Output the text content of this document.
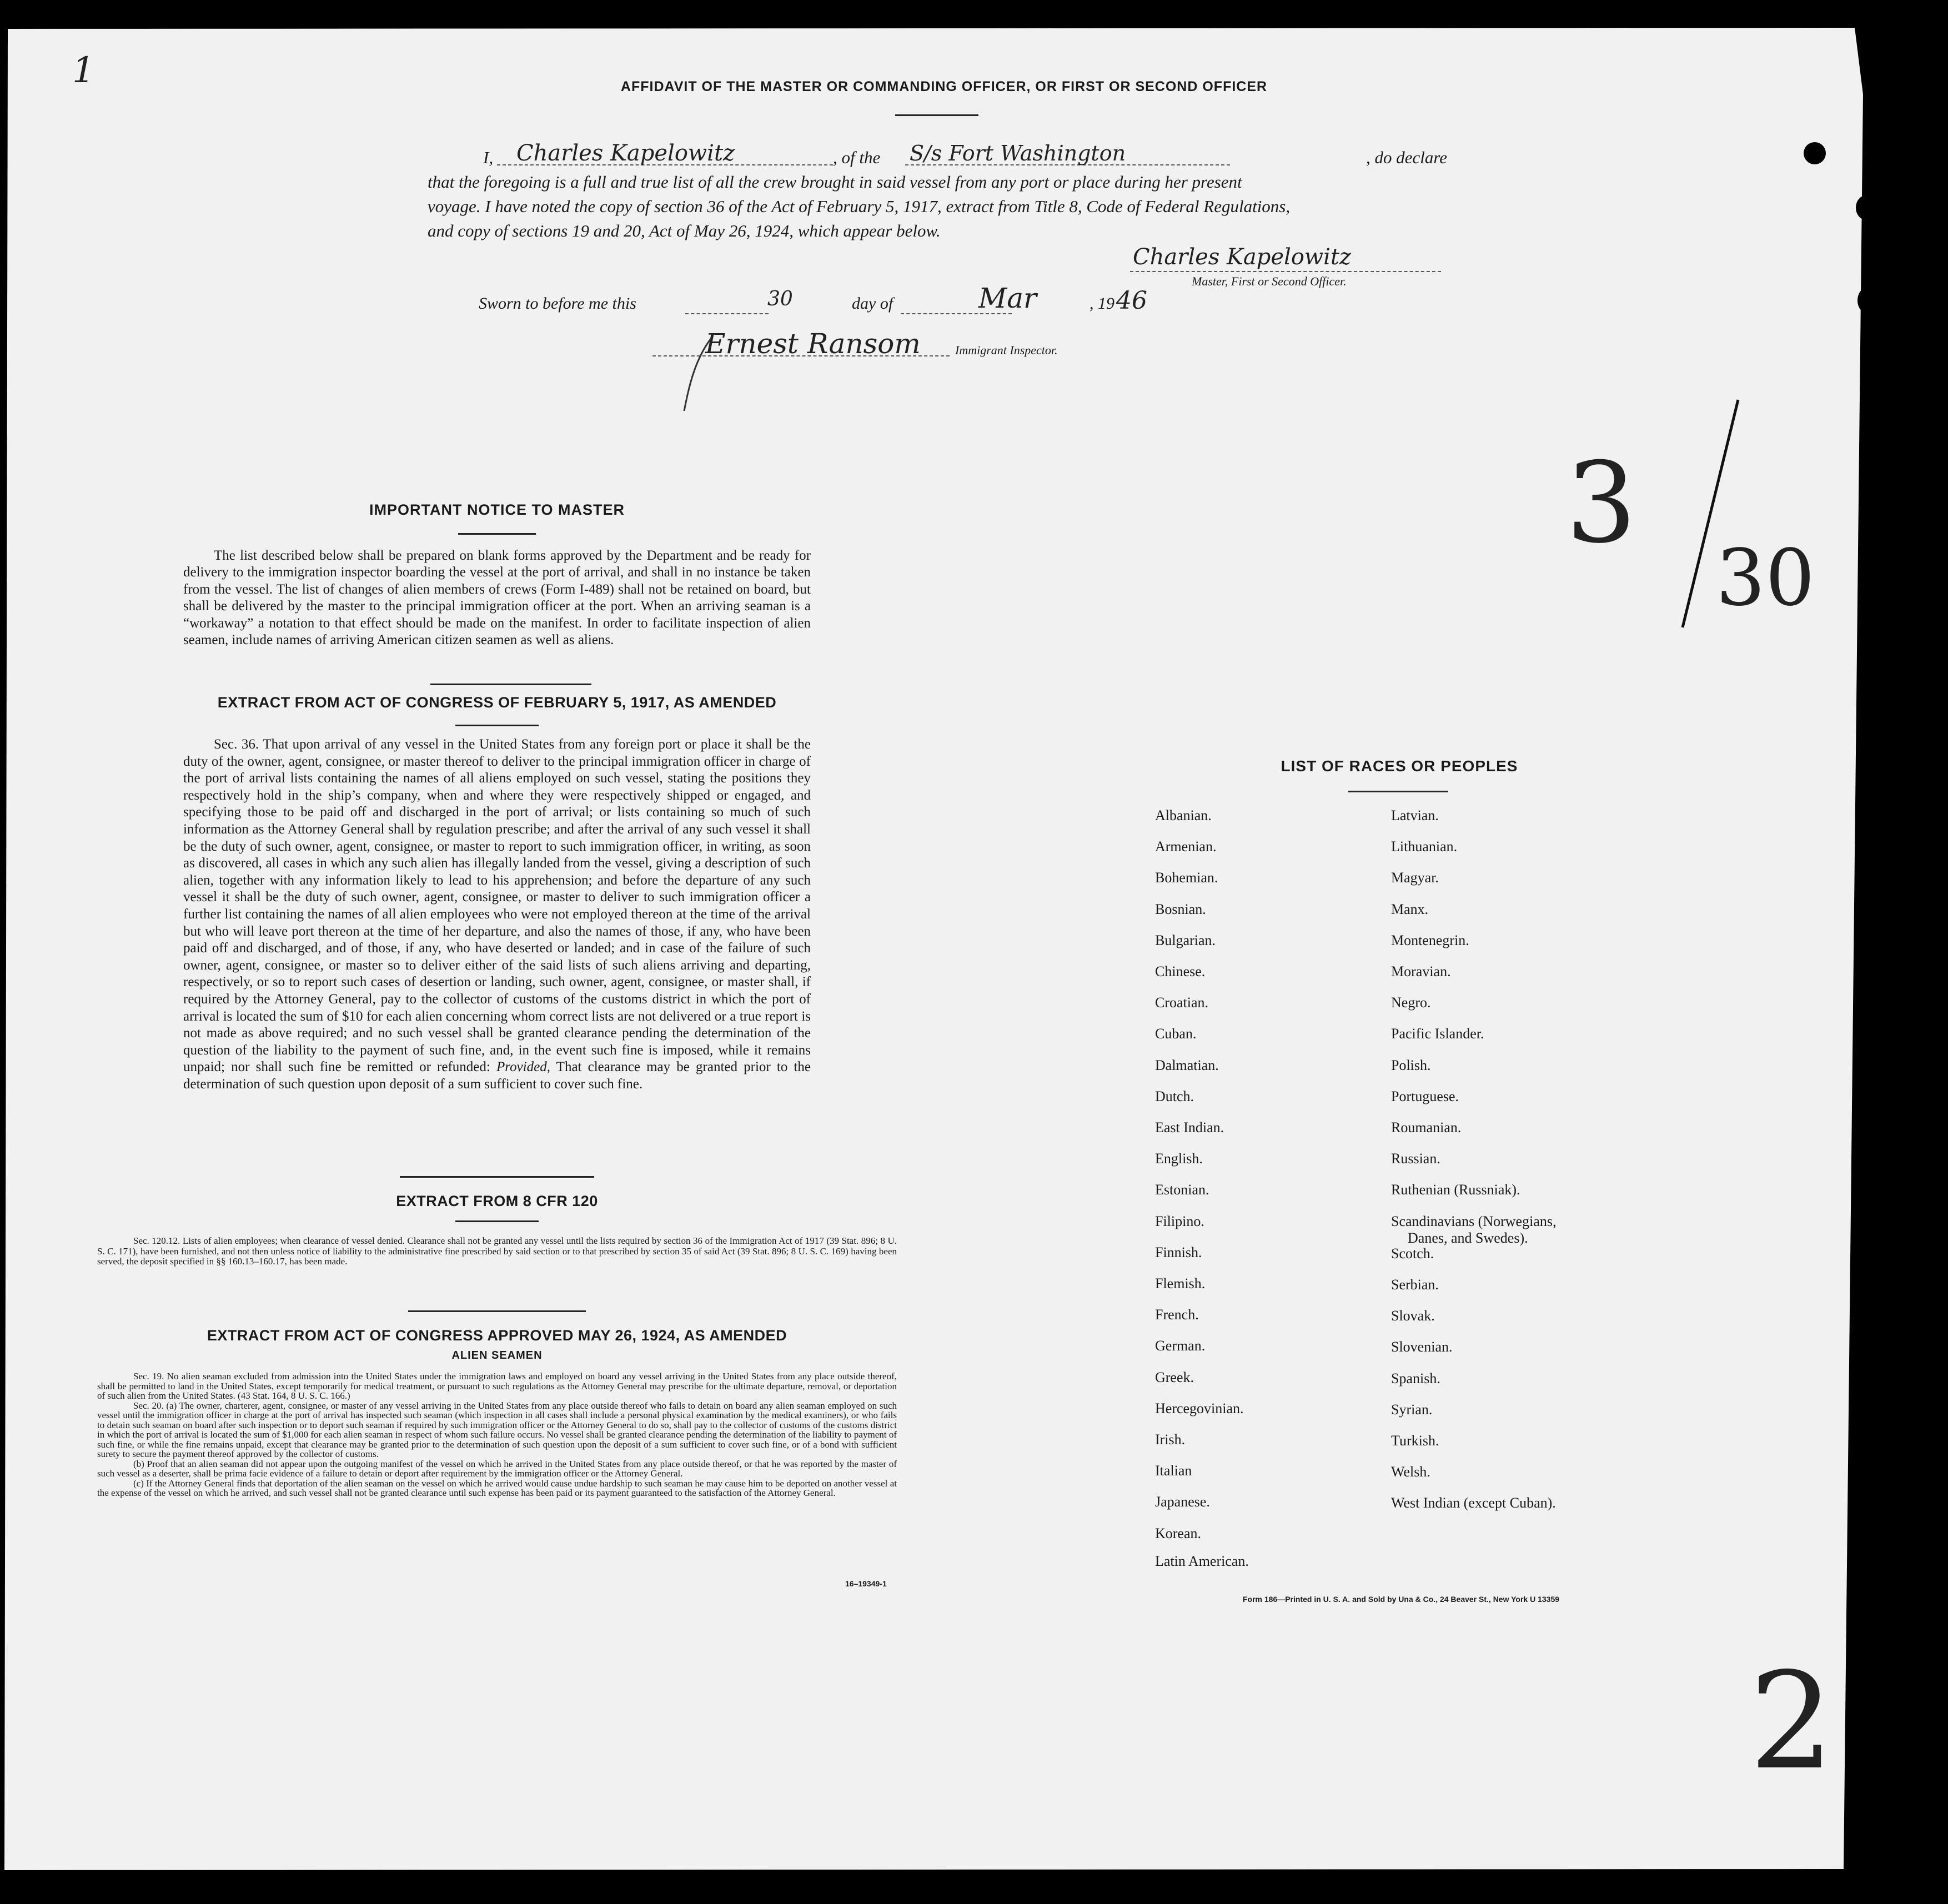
1	AFFIDAVIT OF THE MASTER OR COMMANDING OFFICER, OR FIRST OR SECOND OFFICER
I, Charles Kapelowitz	, of the S/s Fort Washington	, do declare
that the foregoing is a full and true list of all the crew brought in said vessel from any port or place during her present
voyage. I have noted the copy of section 36 of the Act of February 5, 1917, extract from Title 8, Code of Federal Regulations,
and copy of sections 19 and 20, Act of May 26, 1924, which appear below.
Charles Kapelowitz
Master, First or Second Officer.
Sworn to before me this	30	day of	Mar	, 19 46
Ernest Ransom	Immigrant Inspector.
3
30
2
IMPORTANT NOTICE TO MASTER

The list described below shall be prepared on blank forms approved by the Department and be ready for delivery to the immigration inspector boarding the vessel at the port of arrival, and shall in no instance be taken from the vessel. The list of changes of alien members of crews (Form I-489) shall not be retained on board, but shall be delivered by the master to the principal immigration officer at the port. When an arriving seaman is a “workaway” a notation to that effect should be made on the manifest. In order to facilitate inspection of alien seamen, include names of arriving American citizen seamen as well as aliens.

EXTRACT FROM ACT OF CONGRESS OF FEBRUARY 5, 1917, AS AMENDED

Sec. 36. That upon arrival of any vessel in the United States from any foreign port or place it shall be the duty of the owner, agent, consignee, or master thereof to deliver to the principal immigration officer in charge of the port of arrival lists containing the names of all aliens employed on such vessel, stating the positions they respectively hold in the ship’s company, when and where they were respectively shipped or engaged, and specifying those to be paid off and discharged in the port of arrival; or lists containing so much of such information as the Attorney General shall by regulation prescribe; and after the arrival of any such vessel it shall be the duty of such owner, agent, consignee, or master to report to such immigration officer, in writing, as soon as discovered, all cases in which any such alien has illegally landed from the vessel, giving a description of such alien, together with any information likely to lead to his apprehension; and before the departure of any such vessel it shall be the duty of such owner, agent, consignee, or master to deliver to such immigration officer a further list containing the names of all alien employees who were not employed thereon at the time of the arrival but who will leave port thereon at the time of her departure, and also the names of those, if any, who have been paid off and discharged, and of those, if any, who have deserted or landed; and in case of the failure of such owner, agent, consignee, or master so to deliver either of the said lists of such aliens arriving and departing, respectively, or so to report such cases of desertion or landing, such owner, agent, consignee, or master shall, if required by the Attorney General, pay to the collector of customs of the customs district in which the port of arrival is located the sum of $10 for each alien concerning whom correct lists are not delivered or a true report is not made as above required; and no such vessel shall be granted clearance pending the determination of the question of the liability to the payment of such fine, and, in the event such fine is imposed, while it remains unpaid; nor shall such fine be remitted or refunded: Provided, That clearance may be granted prior to the determination of such question upon deposit of a sum sufficient to cover such fine.

EXTRACT FROM 8 CFR 120

Sec. 120.12. Lists of alien employees; when clearance of vessel denied. Clearance shall not be granted any vessel until the lists required by section 36 of the Immigration Act of 1917 (39 Stat. 896; 8 U. S. C. 171), have been furnished, and not then unless notice of liability to the administrative fine prescribed by said section or to that prescribed by section 35 of said Act (39 Stat. 896; 8 U. S. C. 169) having been served, the deposit specified in §§ 160.13–160.17, has been made.

EXTRACT FROM ACT OF CONGRESS APPROVED MAY 26, 1924, AS AMENDED
ALIEN SEAMEN

Sec. 19. No alien seaman excluded from admission into the United States under the immigration laws and employed on board any vessel arriving in the United States from any place outside thereof, shall be permitted to land in the United States, except temporarily for medical treatment, or pursuant to such regulations as the Attorney General may prescribe for the ultimate departure, removal, or deportation of such alien from the United States. (43 Stat. 164, 8 U. S. C. 166.)

Sec. 20. (a) The owner, charterer, agent, consignee, or master of any vessel arriving in the United States from any place outside thereof who fails to detain on board any alien seaman employed on such vessel until the immigration officer in charge at the port of arrival has inspected such seaman (which inspection in all cases shall include a personal physical examination by the medical examiners), or who fails to detain such seaman on board after such inspection or to deport such seaman if required by such immigration officer or the Attorney General to do so, shall pay to the collector of customs of the customs district in which the port of arrival is located the sum of $1,000 for each alien seaman in respect of whom such failure occurs. No vessel shall be granted clearance pending the determination of the liability to payment of such fine, or while the fine remains unpaid, except that clearance may be granted prior to the determination of such question upon the deposit of a sum sufficient to cover such fine, or of a bond with sufficient surety to secure the payment thereof approved by the collector of customs.

(b) Proof that an alien seaman did not appear upon the outgoing manifest of the vessel on which he arrived in the United States from any place outside thereof, or that he was reported by the master of such vessel as a deserter, shall be prima facie evidence of a failure to detain or deport after requirement by the immigration officer or the Attorney General.

(c) If the Attorney General finds that deportation of the alien seaman on the vessel on which he arrived would cause undue hardship to such seaman he may cause him to be deported on another vessel at the expense of the vessel on which he arrived, and such vessel shall not be granted clearance until such expense has been paid or its payment guaranteed to the satisfaction of the Attorney General.

16–19349-1
LIST OF RACES OR PEOPLES
Albanian.
Armenian.
Bohemian.
Bosnian.
Bulgarian.
Chinese.
Croatian.
Cuban.
Dalmatian.
Dutch.
East Indian.
English.
Estonian.
Filipino.
Finnish.
Flemish.
French.
German.
Greek.
Hercegovinian.
Irish.
Italian
Japanese.
Korean.
Latin American.
Latvian.
Lithuanian.
Magyar.
Manx.
Montenegrin.
Moravian.
Negro.
Pacific Islander.
Polish.
Portuguese.
Roumanian.
Russian.
Ruthenian (Russniak).
Scandinavians (Norwegians,
Danes, and Swedes).
Scotch.
Serbian.
Slovak.
Slovenian.
Spanish.
Syrian.
Turkish.
Welsh.
West Indian (except Cuban).
Form 186—Printed in U. S. A. and Sold by Una & Co., 24 Beaver St., New York U 13359
